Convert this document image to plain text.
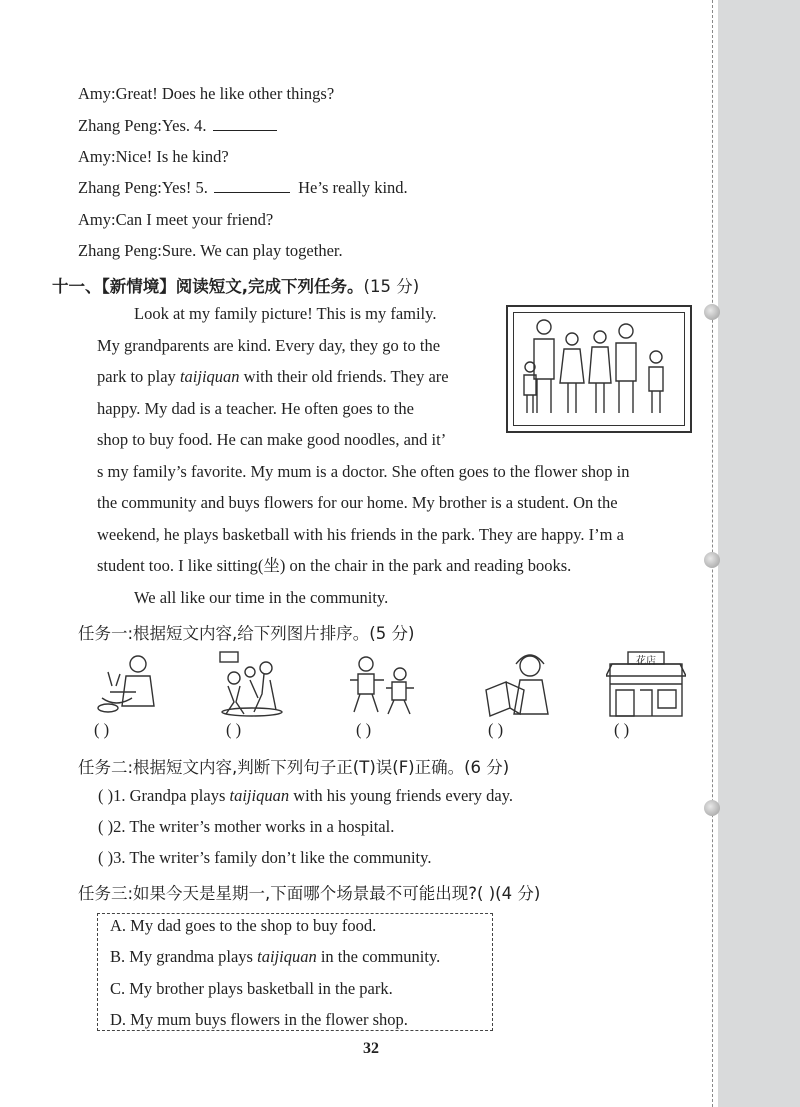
Amy:Great! Does he like other things?
Zhang Peng:Yes. 4.
Amy:Nice! Is he kind?
Zhang Peng:Yes! 5.	He’s really kind.
Amy:Can I meet your friend?
Zhang Peng:Sure. We can play together.
十一、【新情境】阅读短文,完成下列任务。(15 分)
Look at my family picture! This is my family.
My grandparents are kind. Every day, they go to the
park to play taijiquan with their old friends. They are
happy. My dad is a teacher. He often goes to the
shop to buy food. He can make good noodles, and it’
s my family’s favorite. My mum is a doctor. She often goes to the flower shop in
the community and buys flowers for our home. My brother is a student. On the
weekend, he plays basketball with his friends in the park. They are happy. I’m a
student too. I like sitting(坐) on the chair in the park and reading books.
We all like our time in the community.
任务一:根据短文内容,给下列图片排序。(5 分)
花店
( )	( )	( )	( )	( )
任务二:根据短文内容,判断下列句子正(T)误(F)正确。(6 分)
( )1. Grandpa plays taijiquan with his young friends every day.
( )2. The writer’s mother works in a hospital.
( )3. The writer’s family don’t like the community.
任务三:如果今天是星期一,下面哪个场景最不可能出现?( )(4 分)
A. My dad goes to the shop to buy food.
B. My grandma plays taijiquan in the community.
C. My brother plays basketball in the park.
D. My mum buys flowers in the flower shop.
32
